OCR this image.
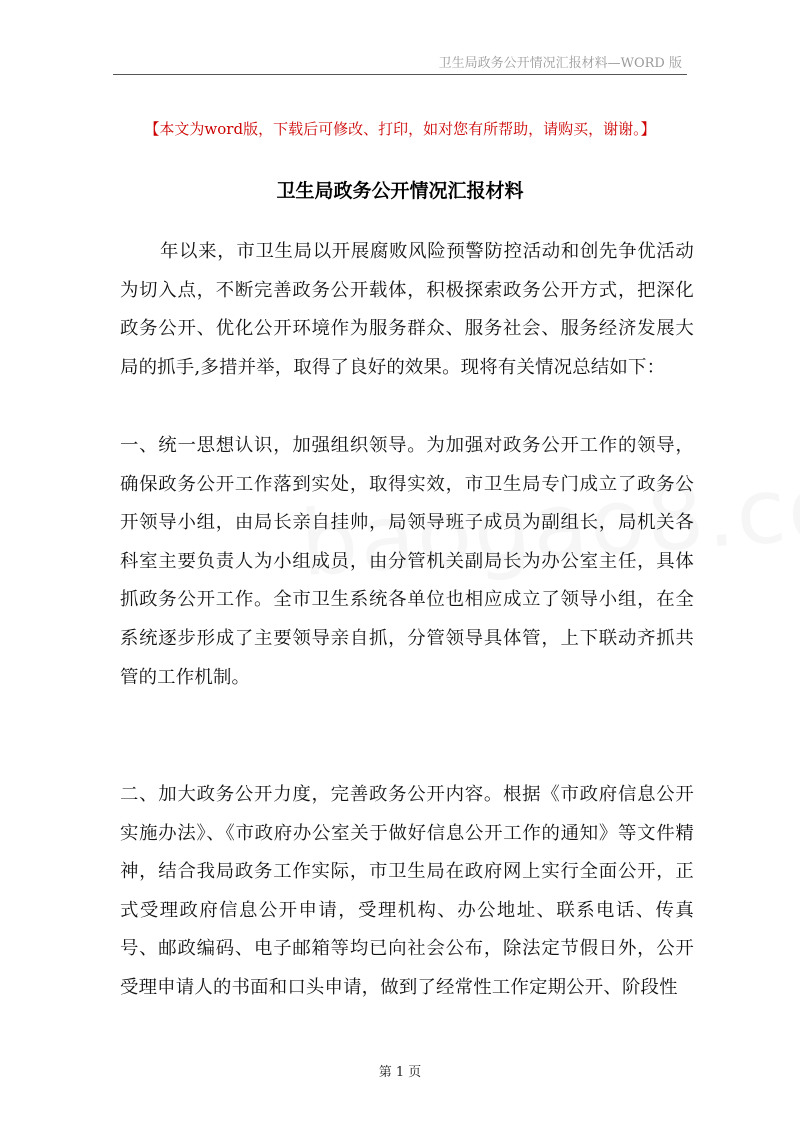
卫生局政务公开情况汇报材料—WORD 版
【本文为word版，下载后可修改、打印，如对您有所帮助，请购买，谢谢。】
卫生局政务公开情况汇报材料
年以来，市卫生局以开展腐败风险预警防控活动和创先争优活动为切入点，不断完善政务公开载体，积极探索政务公开方式，把深化政务公开、优化公开环境作为服务群众、服务社会、服务经济发展大局的抓手,多措并举，取得了良好的效果。现将有关情况总结如下：
一、统一思想认识，加强组织领导。为加强对政务公开工作的领导，确保政务公开工作落到实处，取得实效，市卫生局专门成立了政务公开领导小组，由局长亲自挂帅，局领导班子成员为副组长，局机关各科室主要负责人为小组成员，由分管机关副局长为办公室主任，具体抓政务公开工作。全市卫生系统各单位也相应成立了领导小组，在全系统逐步形成了主要领导亲自抓，分管领导具体管，上下联动齐抓共管的工作机制。
二、加大政务公开力度，完善政务公开内容。根据《市政府信息公开实施办法》、《市政府办公室关于做好信息公开工作的通知》等文件精神，结合我局政务工作实际，市卫生局在政府网上实行全面公开，正式受理政府信息公开申请，受理机构、办公地址、联系电话、传真号、邮政编码、电子邮箱等均已向社会公布，除法定节假日外，公开受理申请人的书面和口头申请，做到了经常性工作定期公开、阶段性
第 1 页
